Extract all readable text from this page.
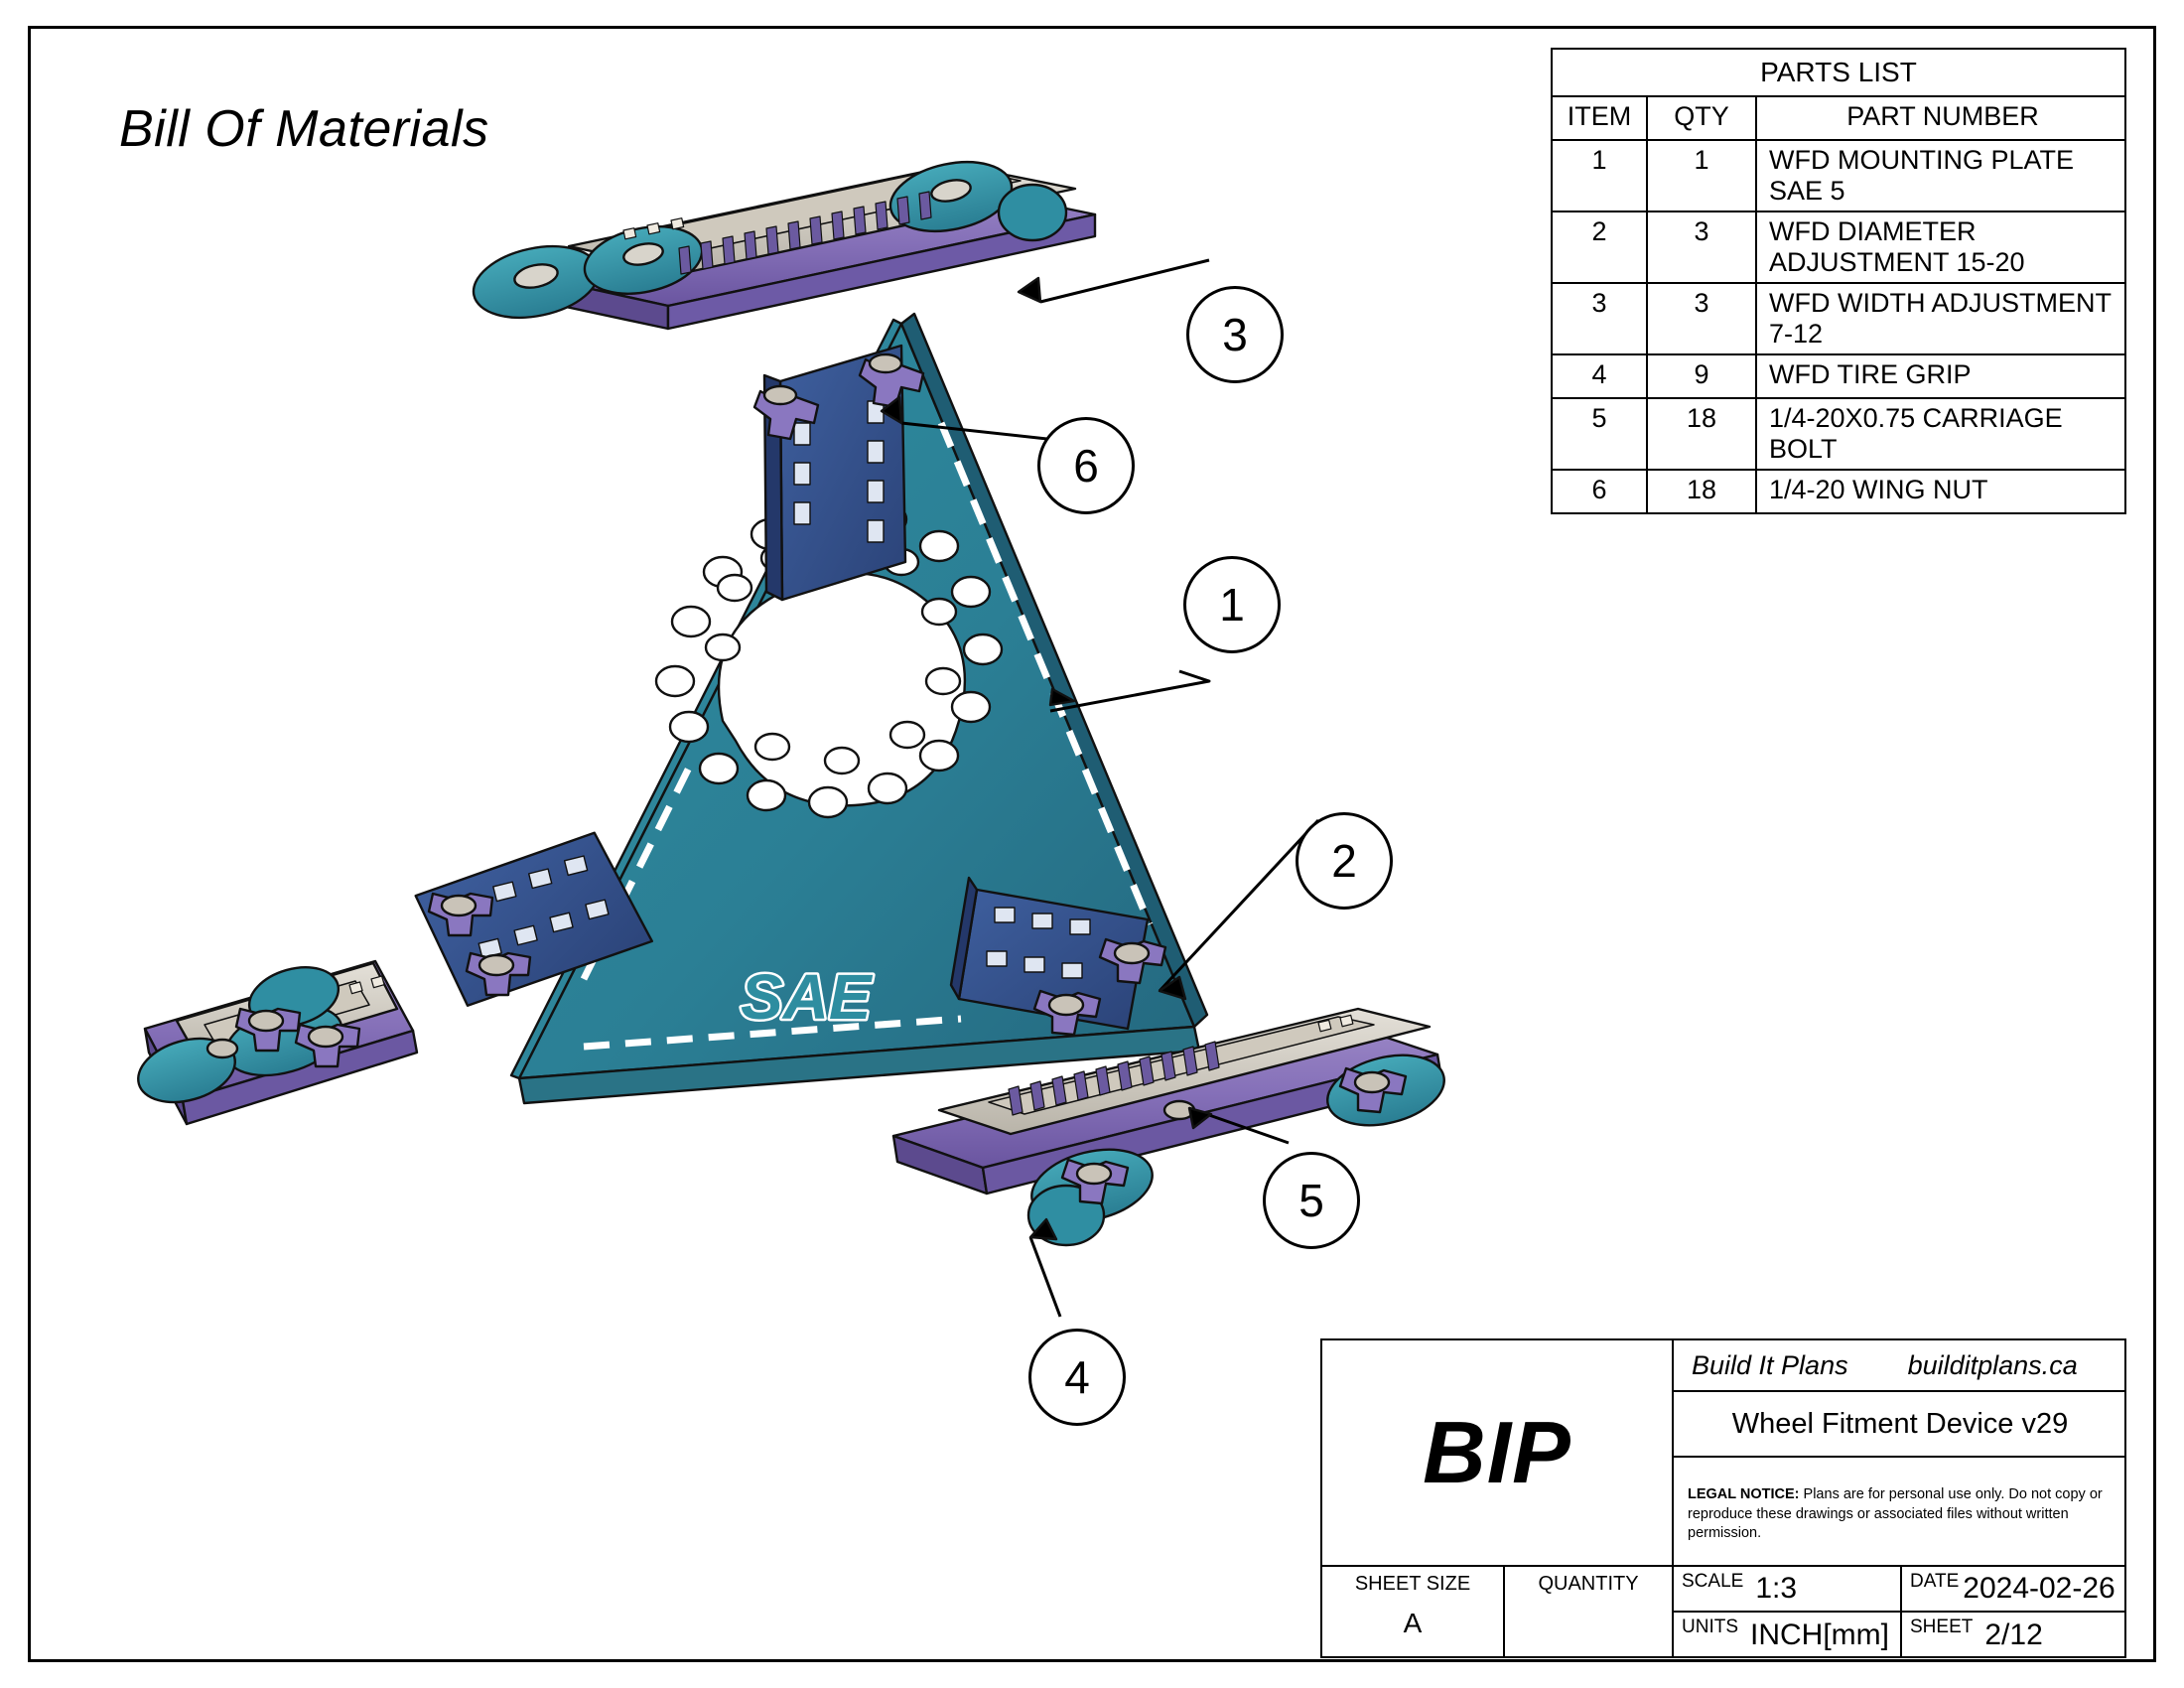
Bill Of Materials
SAE
3
6
1
2
5
4
PARTS LIST		
ITEM	QTY	PART NUMBER
1	1	WFD MOUNTING PLATE SAE 5
2	3	WFD DIAMETER ADJUSTMENT 15-20
3	3	WFD WIDTH ADJUSTMENT 7-12
4	9	WFD TIRE GRIP
5	18	1/4-20X0.75 CARRIAGE BOLT
6	18	1/4-20 WING NUT
BIP
Build It Plans builditplans.ca
Wheel Fitment Device v29
LEGAL NOTICE: Plans are for personal use only. Do not copy or reproduce these drawings or associated files without written permission.
SHEET SIZE
A
QUANTITY	SCALE 1:3	DATE 2024-02-26
UNITS INCH[mm] SHEET 2/12
